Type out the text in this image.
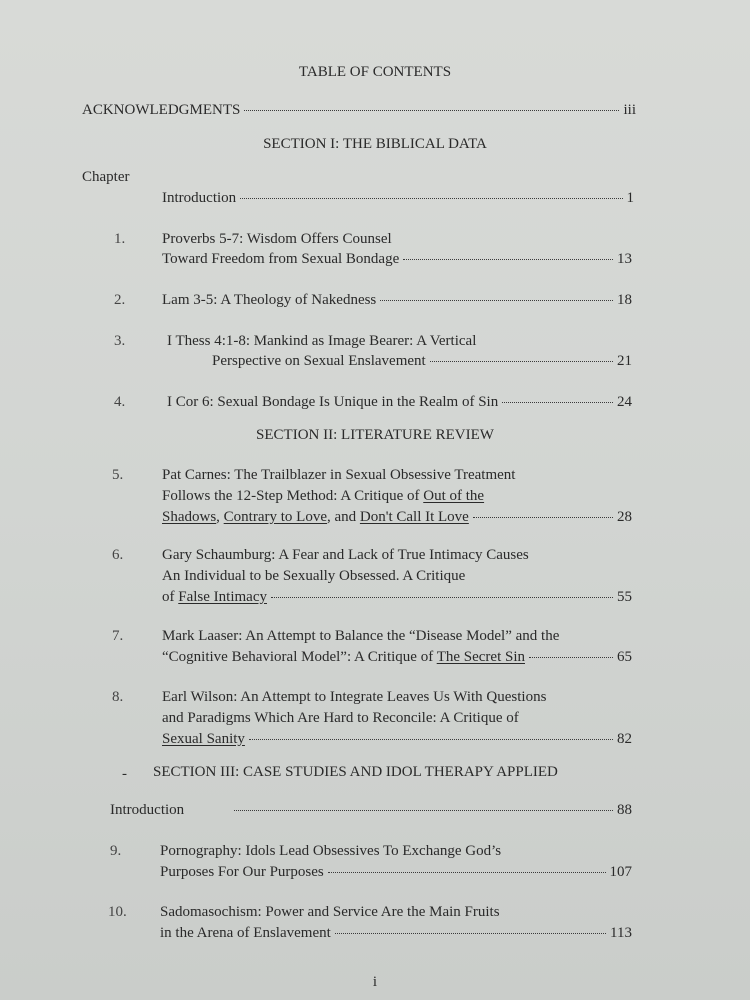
TABLE OF CONTENTS
ACKNOWLEDGMENTS	iii
SECTION I: THE BIBLICAL DATA
Chapter
Introduction	1
1. Proverbs 5-7: Wisdom Offers Counsel
Toward Freedom from Sexual Bondage	13
2. Lam 3-5: A Theology of Nakedness	18
3.	I Thess 4:1-8: Mankind as Image Bearer: A Vertical
Perspective on Sexual Enslavement	21
4.	I Cor 6: Sexual Bondage Is Unique in the Realm of Sin	24
SECTION II: LITERATURE REVIEW
5.	Pat Carnes: The Trailblazer in Sexual Obsessive Treatment
Follows the 12-Step Method: A Critique of Out of the
Shadows, Contrary to Love, and Don't Call It Love	28
6.	Gary Schaumburg: A Fear and Lack of True Intimacy Causes
An Individual to be Sexually Obsessed. A Critique
of False Intimacy	55
7.	Mark Laaser: An Attempt to Balance the “Disease Model” and the
“Cognitive Behavioral Model”: A Critique of The Secret Sin	65
8.	Earl Wilson: An Attempt to Integrate Leaves Us With Questions
and Paradigms Which Are Hard to Reconcile: A Critique of
Sexual Sanity	82
- SECTION III: CASE STUDIES AND IDOL THERAPY APPLIED
Introduction	88
9.	Pornography: Idols Lead Obsessives To Exchange God’s
Purposes For Our Purposes	107
10. Sadomasochism: Power and Service Are the Main Fruits
in the Arena of Enslavement	113
i
